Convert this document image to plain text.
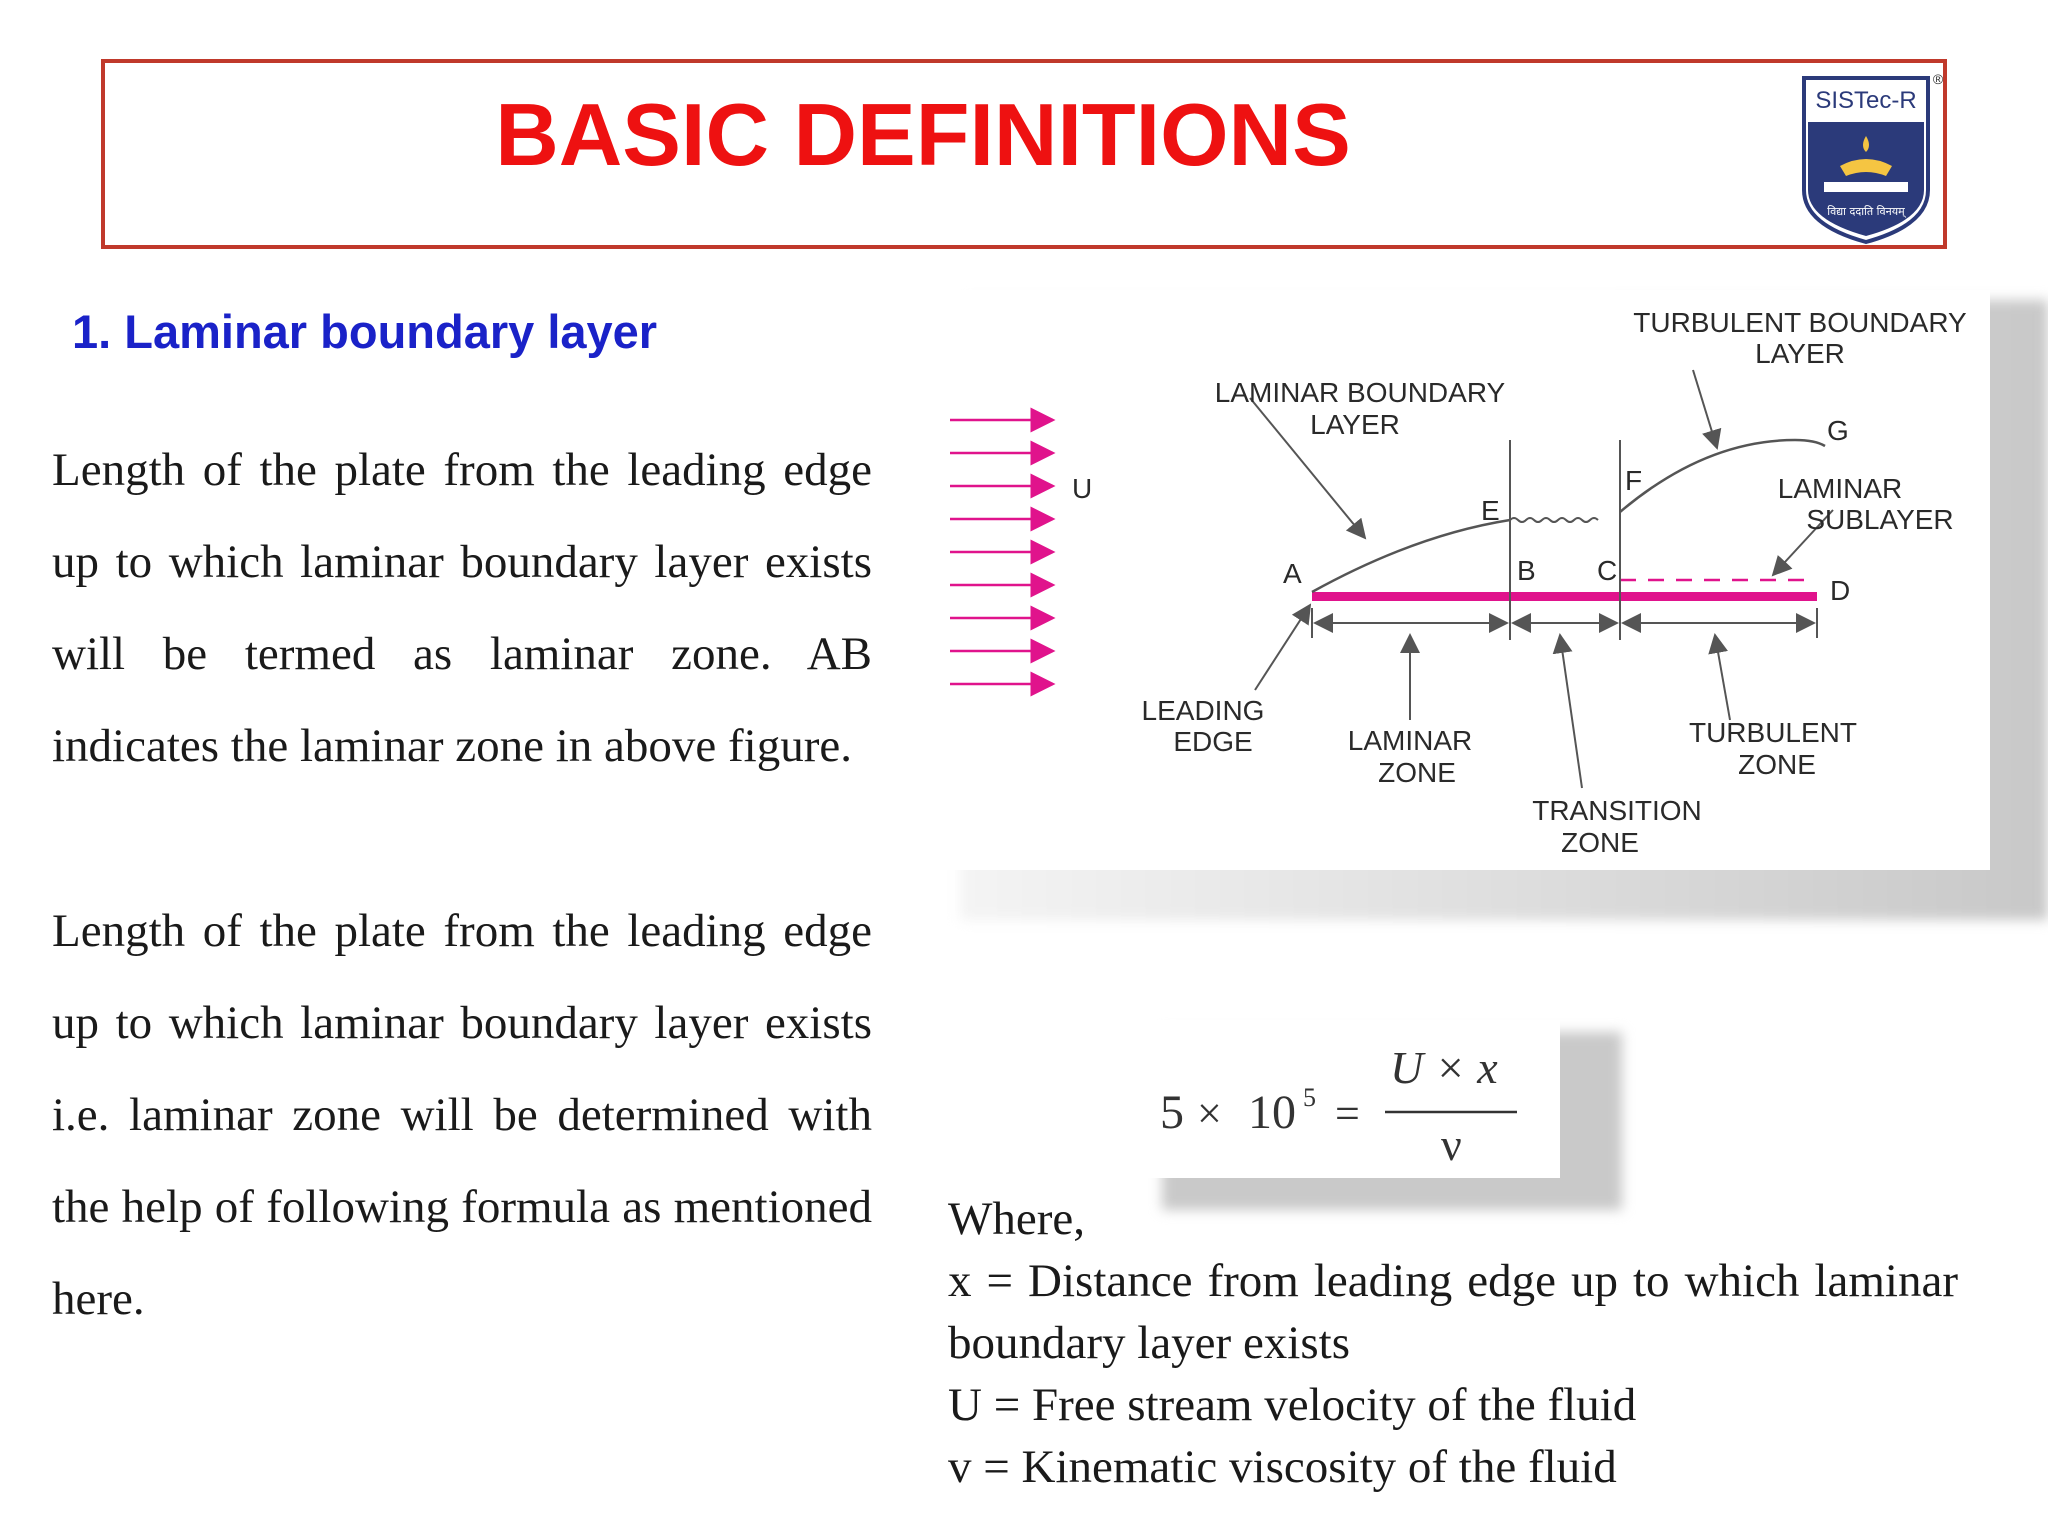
BASIC DEFINITIONS	SISTec-R
®
विद्या ददाति विनयम्
1. Laminar boundary layer
Length of the plate from the leading edge up to which laminar boundary layer exists will be termed as laminar zone. AB indicates the laminar zone in above figure.
Length of the plate from the leading edge up to which laminar boundary layer exists i.e. laminar zone will be determined with the help of following formula as mentioned here.
U
A	B C
D
E
F
G
TURBULENT BOUNDARY
LAYER
LAMINAR BOUNDARY
LAYER
LAMINAR
SUBLAYER
LEADING
EDGE	LAMINAR
ZONE
TRANSITION
ZONE
TURBULENT
ZONE
5 × 10 5 =
U × x
ν
Where,
x = Distance from leading edge up to which laminar boundary layer exists
U = Free stream velocity of the fluid
v = Kinematic viscosity of the fluid
